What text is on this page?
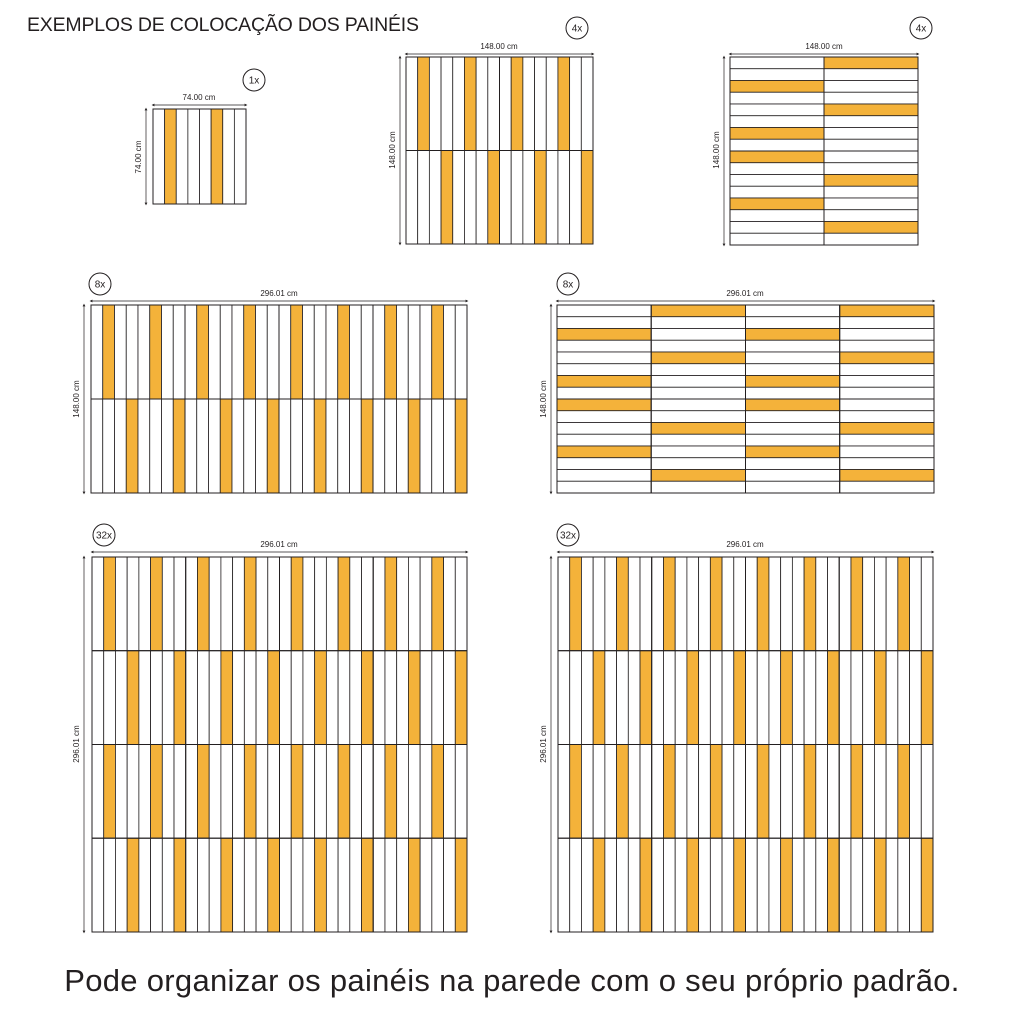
EXEMPLOS DE COLOCAÇÃO DOS PAINÉIS
74.00 cm
74.00 cm
1x
148.00 cm
148.00 cm
4x
148.00 cm
148.00 cm
4x
296.01 cm
148.00 cm
8x
296.01 cm
148.00 cm
8x
296.01 cm
296.01 cm
32x
296.01 cm
296.01 cm
32x
Pode organizar os painéis na parede com o seu próprio padrão.
